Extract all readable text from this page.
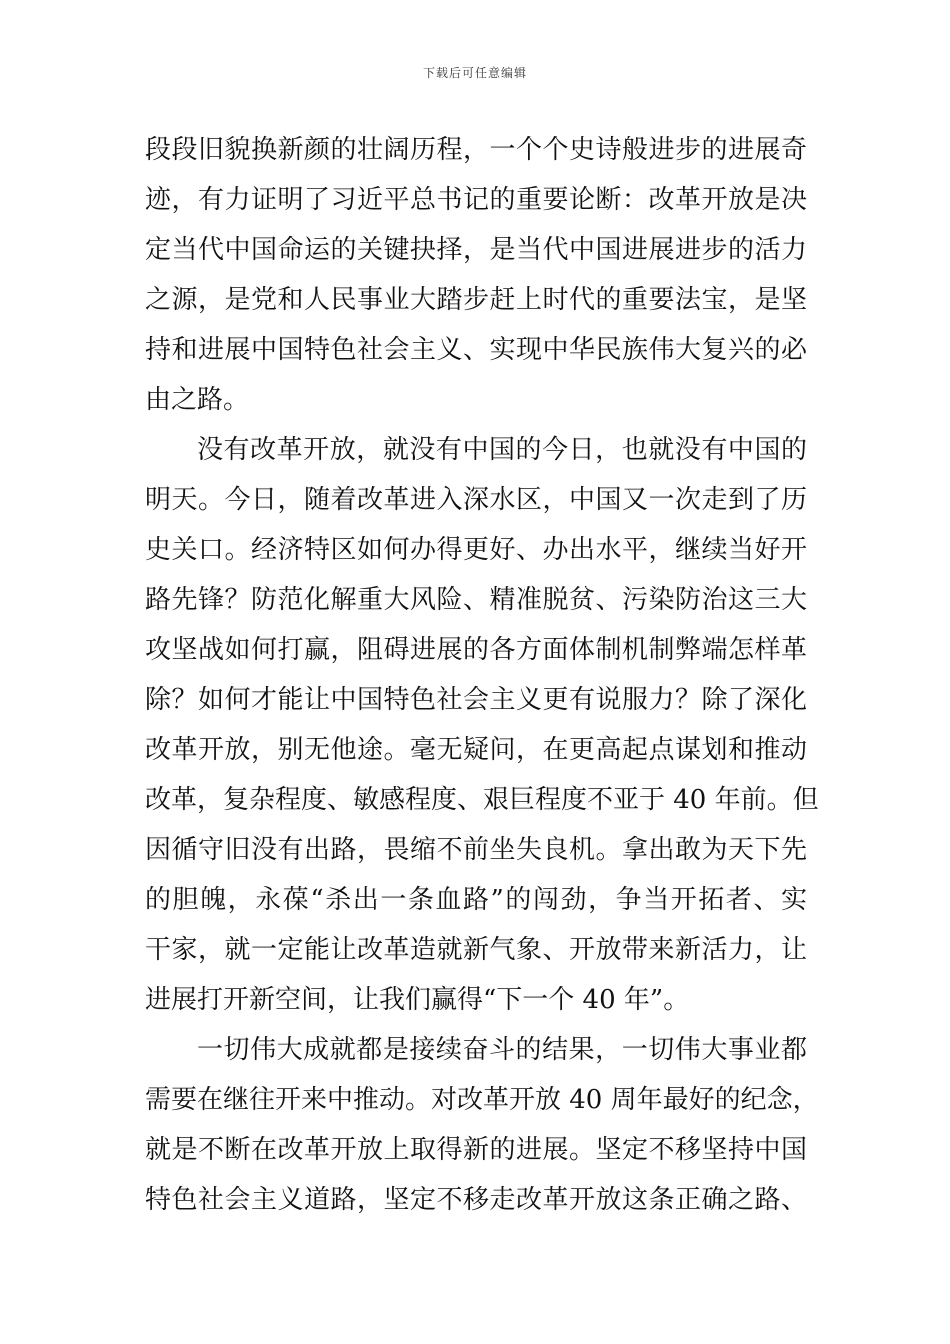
下载后可任意编辑
段段旧貌换新颜的壮阔历程，一个个史诗般进步的进展奇
迹，有力证明了习近平总书记的重要论断：改革开放是决
定当代中国命运的关键抉择，是当代中国进展进步的活力
之源，是党和人民事业大踏步赶上时代的重要法宝，是坚
持和进展中国特色社会主义、实现中华民族伟大复兴的必
由之路。
没有改革开放，就没有中国的今日，也就没有中国的
明天。今日，随着改革进入深水区，中国又一次走到了历
史关口。经济特区如何办得更好、办出水平，继续当好开
路先锋？防范化解重大风险、精准脱贫、污染防治这三大
攻坚战如何打赢，阻碍进展的各方面体制机制弊端怎样革
除？如何才能让中国特色社会主义更有说服力？除了深化
改革开放，别无他途。毫无疑问，在更高起点谋划和推动
改革，复杂程度、敏感程度、艰巨程度不亚于 40 年前。但
因循守旧没有出路，畏缩不前坐失良机。拿出敢为天下先
的胆魄，永葆“杀出一条血路”的闯劲，争当开拓者、实
干家，就一定能让改革造就新气象、开放带来新活力，让
进展打开新空间，让我们赢得“下一个 40 年”。
一切伟大成就都是接续奋斗的结果，一切伟大事业都
需要在继往开来中推动。对改革开放 40 周年最好的纪念，
就是不断在改革开放上取得新的进展。坚定不移坚持中国
特色社会主义道路，坚定不移走改革开放这条正确之路、
